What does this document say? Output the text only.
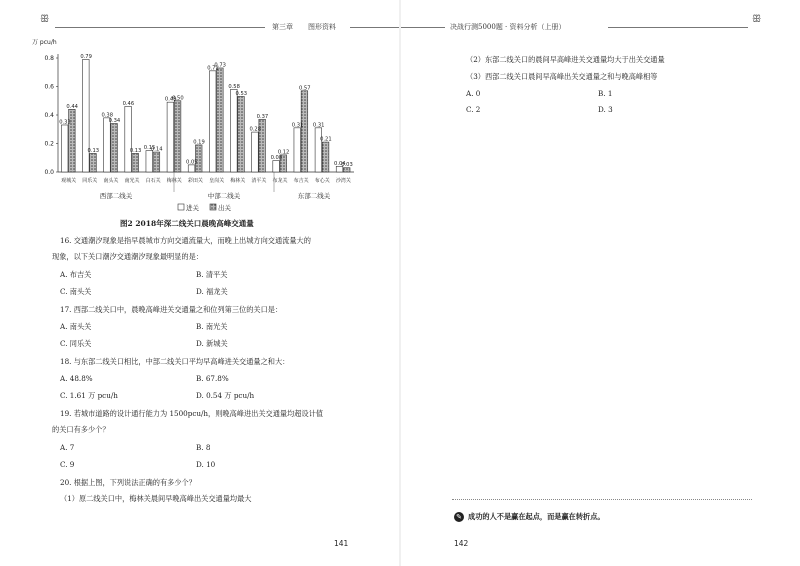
ꕥ	ꕥ
第三章 图形资料	决战行测5000题 · 资料分析（上册）
万 pcu/h
0.8
0.6
0.4
0.2
0.0
0.33
0.44
0.79
0.13
0.38
0.34
0.46
0.13 0.15
0.14
0.49
0.50
0.05
0.19
0.71
0.73
0.58
0.53
0.28
0.37
0.08
0.12
0.31
0.57
0.31
0.21
0.04
0.03
观城关 同乐关 南头关 南光关 白石关 梅林关 彩田关 皇岗关 梅林关 清平关 布龙关 布吉关 布心关 沙湾关
西部二线关	中部二线关	东部二线关
进关	出关
图2 2018年深二线关口晨晚高峰交通量
16. 交通潮汐现象是指早晨城市方向交通流量大，而晚上出城方向交通流量大的
现象，以下关口潮汐交通潮汐现象最明显的是：
A. 布吉关	B. 清平关
C. 南头关	D. 福龙关
17. 西部二线关口中，晨晚高峰进关交通量之和位列第三位的关口是：
A. 南头关	B. 南光关
C. 同乐关	D. 新城关
18. 与东部二线关口相比，中部二线关口平均早高峰进关交通量之和大：
A. 48.8%	B. 67.8%
C. 1.61 万 pcu/h	D. 0.54 万 pcu/h
19. 若城市道路的设计通行能力为 1500pcu/h，则晚高峰进出关交通量均超设计值
的关口有多少个？
A. 7	B. 8
C. 9	D. 10
20. 根据上图，下列说法正确的有多少个？
（1）原二线关口中，梅林关晨间早晚高峰出关交通量均最大
141
（2）东部二线关口的晨间早高峰进关交通量均大于出关交通量
（3）西部二线关口晨间早高峰出关交通量之和与晚高峰相等
A. 0	B. 1
C. 2	D. 3
✎ 成功的人不是赢在起点，而是赢在转折点。
142
